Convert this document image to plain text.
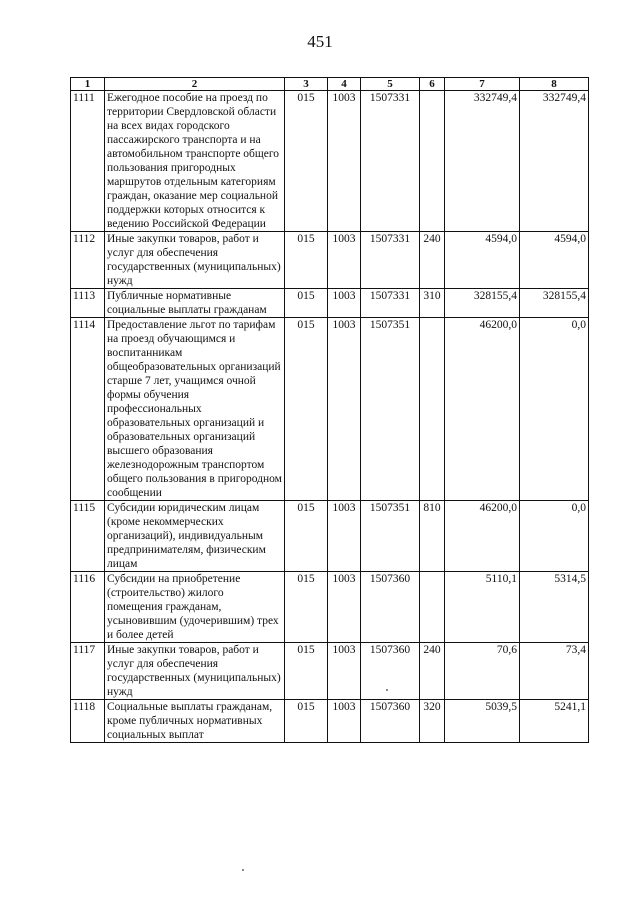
451
1	2	3	4	5	6	7	8
1111	Ежегодное пособие на проезд по территории Свердловской области на всех видах городского пассажирского транспорта и на автомобильном транспорте общего пользования пригородных маршрутов отдельным категориям граждан, оказание мер социальной поддержки которых относится к ведению Российской Федерации	015	1003	1507331		332749,4	332749,4
1112	Иные закупки товаров, работ и услуг для обеспечения государственных (муниципальных) нужд	015	1003	1507331	240	4594,0	4594,0
1113	Публичные нормативные социальные выплаты гражданам	015	1003	1507331	310	328155,4	328155,4
1114	Предоставление льгот по тарифам на проезд обучающимся и воспитанникам общеобразовательных организаций старше 7 лет, учащимся очной формы обучения профессиональных образовательных организаций и образовательных организаций высшего образования железнодорожным транспортом общего пользования в пригородном сообщении	015	1003	1507351		46200,0	0,0
1115	Субсидии юридическим лицам (кроме некоммерческих организаций), индивидуальным предпринимателям, физическим лицам	015	1003	1507351	810	46200,0	0,0
1116	Субсидии на приобретение (строительство) жилого помещения гражданам, усыновившим (удочерившим) трех и более детей	015	1003	1507360		5110,1	5314,5
1117	Иные закупки товаров, работ и услуг для обеспечения государственных (муниципальных) нужд	015	1003	1507360	240	70,6	73,4
1118	Социальные выплаты гражданам, кроме публичных нормативных социальных выплат	015	1003	1507360	320	5039,5	5241,1
